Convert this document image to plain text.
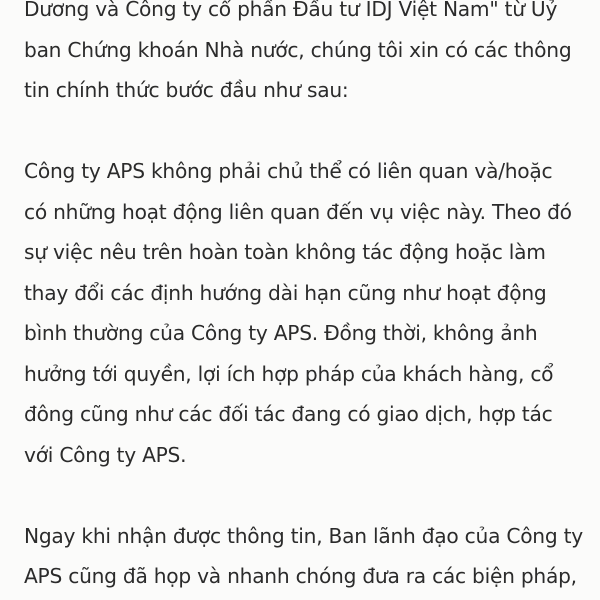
Dương và Công ty cổ phần Đầu tư IDJ Việt Nam" từ Uỷ
ban Chứng khoán Nhà nước, chúng tôi xin có các thông
tin chính thức bước đầu như sau:
Công ty APS không phải chủ thể có liên quan và/hoặc
có những hoạt động liên quan đến vụ việc này. Theo đó
sự việc nêu trên hoàn toàn không tác động hoặc làm
thay đổi các định hướng dài hạn cũng như hoạt động
bình thường của Công ty APS. Đồng thời, không ảnh
hưởng tới quyền, lợi ích hợp pháp của khách hàng, cổ
đông cũng như các đối tác đang có giao dịch, hợp tác
với Công ty APS.
Ngay khi nhận được thông tin, Ban lãnh đạo của Công ty
APS cũng đã họp và nhanh chóng đưa ra các biện pháp,
